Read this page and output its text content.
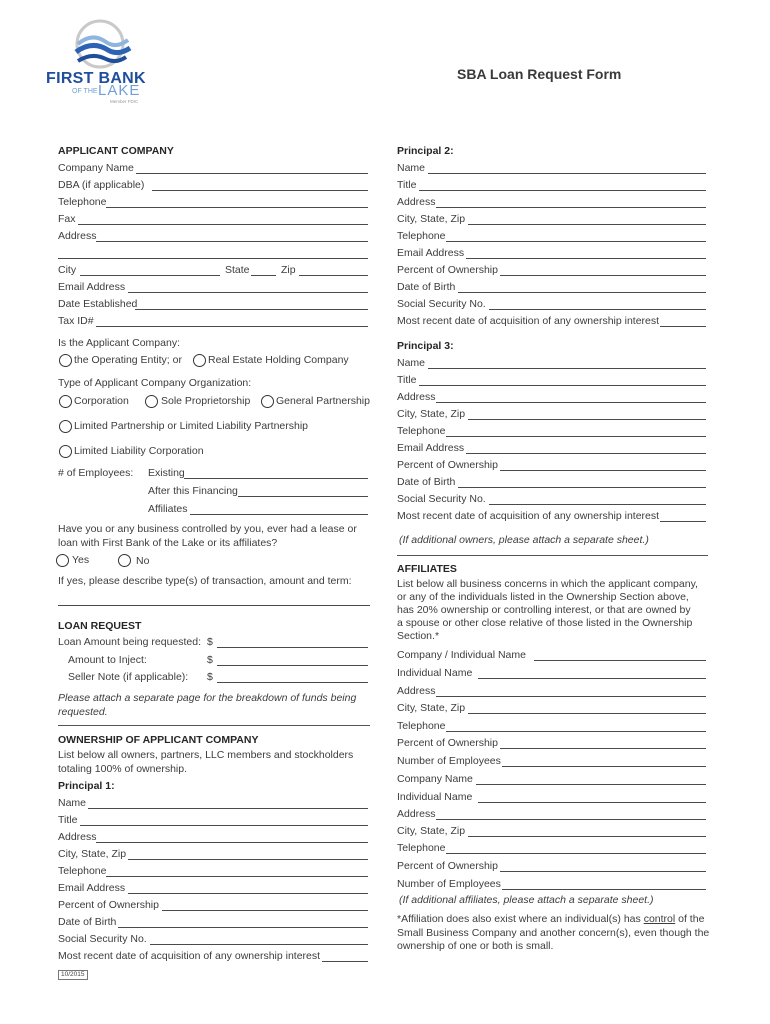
FIRST BANK
OF THE LAKE
Member FDIC
SBA Loan Request Form
APPLICANT COMPANY
Company Name
DBA (if applicable)
Telephone
Fax
Address
City	State	Zip
Email Address
Date Established
Tax ID#
Is the Applicant Company:
the Operating Entity; or Real Estate Holding Company
Type of Applicant Company Organization:
Corporation	Sole Proprietorship General Partnership
Limited Partnership or Limited Liability Partnership
Limited Liability Corporation
# of Employees: Existing
After this Financing
Affiliates
Have you or any business controlled by you, ever had a lease or
loan with First Bank of the Lake or its affiliates?
Yes	No
If yes, please describe type(s) of transaction, amount and term:
LOAN REQUEST
Loan Amount being requested: $
Amount to Inject:	$
Seller Note (if applicable): $
Please attach a separate page for the breakdown of funds being
requested.
OWNERSHIP OF APPLICANT COMPANY
List below all owners, partners, LLC members and stockholders
totaling 100% of ownership.
Principal 1:
Name
Title
Address
City, State, Zip
Telephone
Email Address
Percent of Ownership
Date of Birth
Social Security No.
Most recent date of acquisition of any ownership interest
10/2015
Principal 2:
Name
Title
Address
City, State, Zip
Telephone
Email Address
Percent of Ownership
Date of Birth
Social Security No.
Most recent date of acquisition of any ownership interest
Principal 3:
Name
Title
Address
City, State, Zip
Telephone
Email Address
Percent of Ownership
Date of Birth
Social Security No.
Most recent date of acquisition of any ownership interest
(If additional owners, please attach a separate sheet.)
AFFILIATES
List below all business concerns in which the applicant company,
or any of the individuals listed in the Ownership Section above,
has 20% ownership or controlling interest, or that are owned by
a spouse or other close relative of those listed in the Ownership
Section.*
Company / Individual Name
Individual Name
Address
City, State, Zip
Telephone
Percent of Ownership
Number of Employees
Company Name
Individual Name
Address
City, State, Zip
Telephone
Percent of Ownership
Number of Employees
(If additional affiliates, please attach a separate sheet.)
*Affiliation does also exist where an individual(s) has control of the
Small Business Company and another concern(s), even though the
ownership of one or both is small.
